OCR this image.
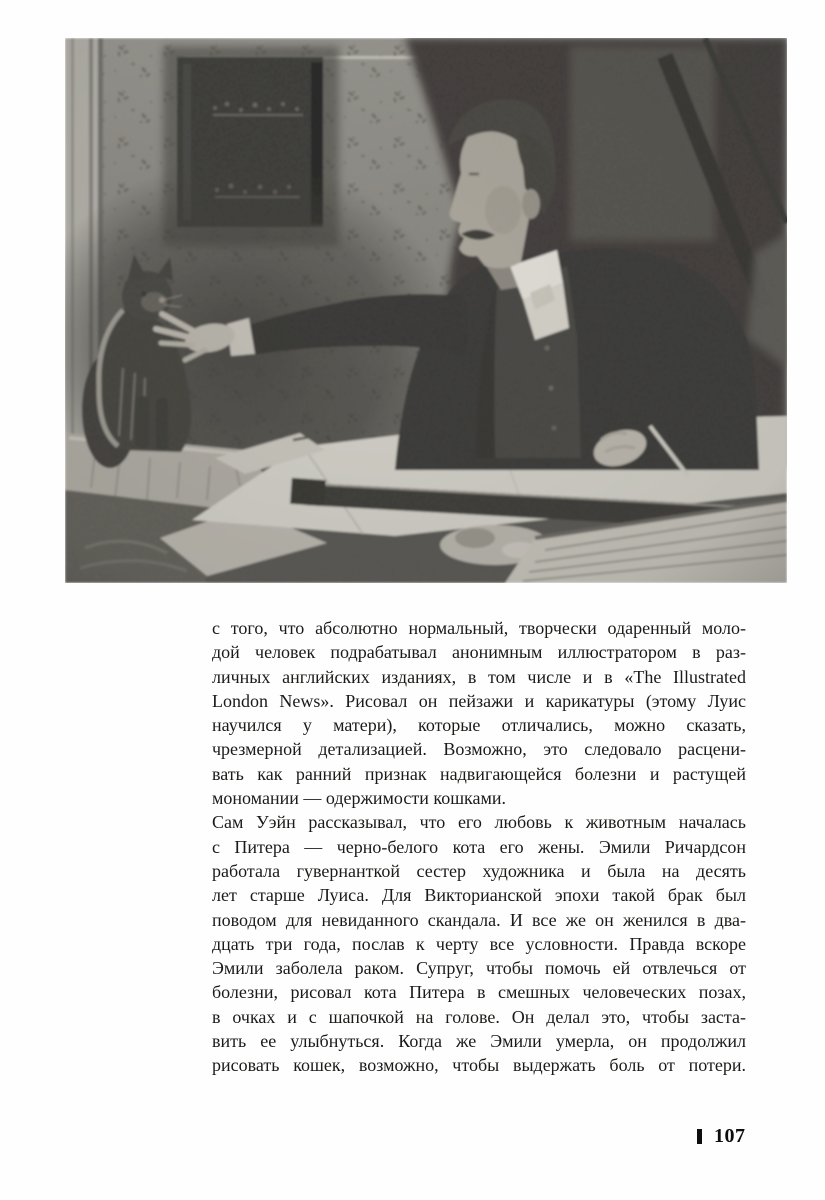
с того, что абсолютно нормальный, творчески одаренный моло-
дой человек подрабатывал анонимным иллюстратором в раз-
личных английских изданиях, в том числе и в «The Illustrated
London News». Рисовал он пейзажи и карикатуры (этому Луис
научился у матери), которые отличались, можно сказать,
чрезмерной детализацией. Возможно, это следовало расцени-
вать как ранний признак надвигающейся болезни и растущей
мономании — одержимости кошками.
Сам Уэйн рассказывал, что его любовь к животным началась
с Питера — черно-белого кота его жены. Эмили Ричардсон
работала гувернанткой сестер художника и была на десять
лет старше Луиса. Для Викторианской эпохи такой брак был
поводом для невиданного скандала. И все же он женился в два-
дцать три года, послав к черту все условности. Правда вскоре
Эмили заболела раком. Супруг, чтобы помочь ей отвлечься от
болезни, рисовал кота Питера в смешных человеческих позах,
в очках и с шапочкой на голове. Он делал это, чтобы заста-
вить ее улыбнуться. Когда же Эмили умерла, он продолжил
рисовать кошек, возможно, чтобы выдержать боль от потери.
107
